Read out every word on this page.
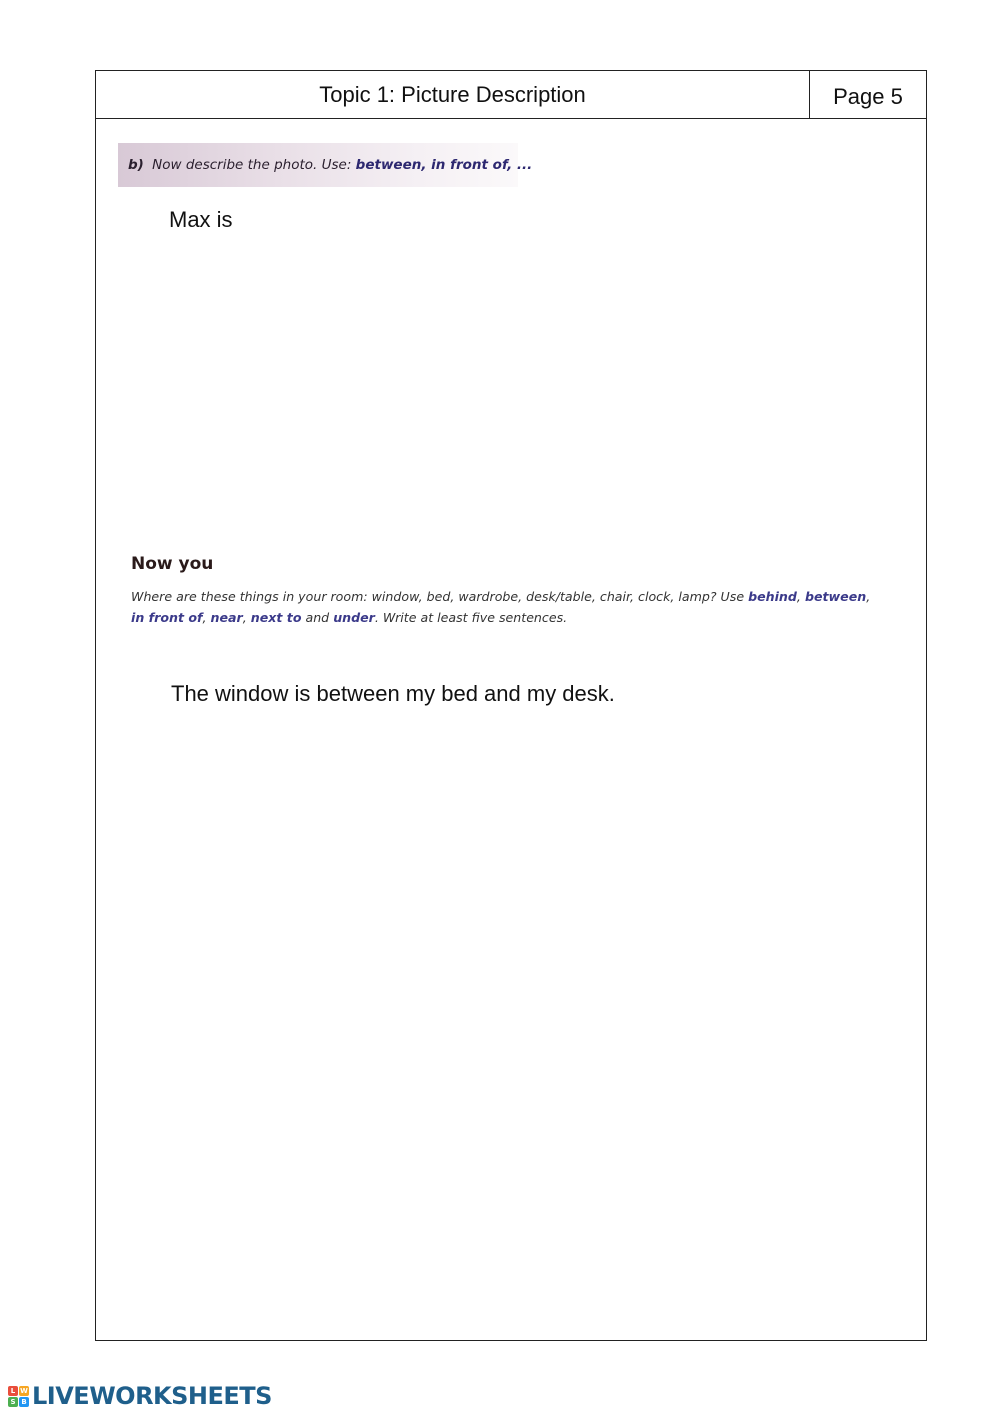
Topic 1: Picture Description	Page 5
b) Now describe the photo. Use: between, in front of, ...
Max is
Now you
Where are these things in your room: window, bed, wardrobe, desk/table, chair, clock, lamp? Use behind, between,
in front of, near, next to and under. Write at least five sentences.
The window is between my bed and my desk.
L W
S B LIVEWORKSHEETS
